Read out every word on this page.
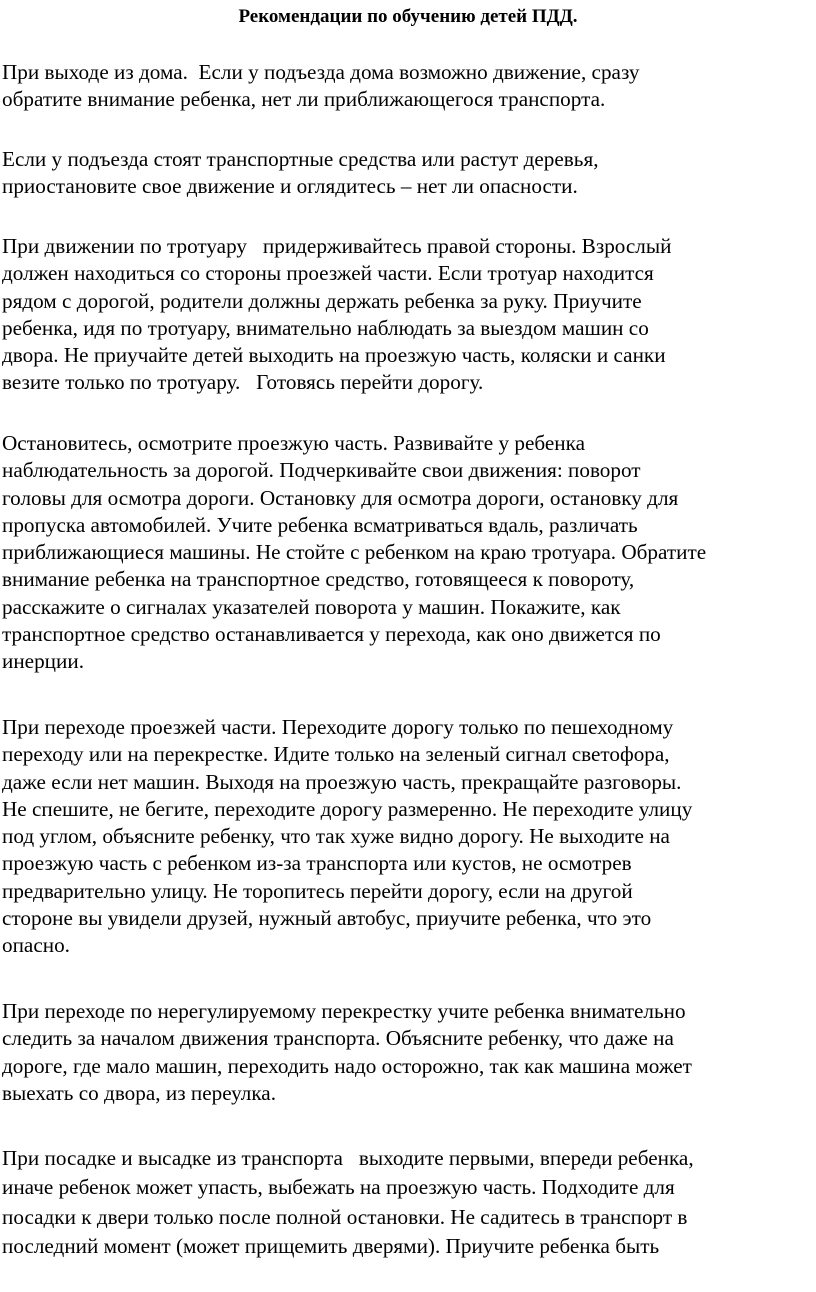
Рекомендации по обучению детей ПДД.
При выходе из дома.  Если у подъезда дома возможно движение, сразу
обратите внимание ребенка, нет ли приближающегося транспорта.
Если у подъезда стоят транспортные средства или растут деревья,
приостановите свое движение и оглядитесь – нет ли опасности.
При движении по тротуару   придерживайтесь правой стороны. Взрослый
должен находиться со стороны проезжей части. Если тротуар находится
рядом с дорогой, родители должны держать ребенка за руку. Приучите
ребенка, идя по тротуару, внимательно наблюдать за выездом машин со
двора. Не приучайте детей выходить на проезжую часть, коляски и санки
везите только по тротуару.   Готовясь перейти дорогу.
Остановитесь, осмотрите проезжую часть. Развивайте у ребенка
наблюдательность за дорогой. Подчеркивайте свои движения: поворот
головы для осмотра дороги. Остановку для осмотра дороги, остановку для
пропуска автомобилей. Учите ребенка всматриваться вдаль, различать
приближающиеся машины. Не стойте с ребенком на краю тротуара. Обратите
внимание ребенка на транспортное средство, готовящееся к повороту,
расскажите о сигналах указателей поворота у машин. Покажите, как
транспортное средство останавливается у перехода, как оно движется по
инерции.
При переходе проезжей части. Переходите дорогу только по пешеходному
переходу или на перекрестке. Идите только на зеленый сигнал светофора,
даже если нет машин. Выходя на проезжую часть, прекращайте разговоры.
Не спешите, не бегите, переходите дорогу размеренно. Не переходите улицу
под углом, объясните ребенку, что так хуже видно дорогу. Не выходите на
проезжую часть с ребенком из-за транспорта или кустов, не осмотрев
предварительно улицу. Не торопитесь перейти дорогу, если на другой
стороне вы увидели друзей, нужный автобус, приучите ребенка, что это
опасно.
При переходе по нерегулируемому перекрестку учите ребенка внимательно
следить за началом движения транспорта. Объясните ребенку, что даже на
дороге, где мало машин, переходить надо осторожно, так как машина может
выехать со двора, из переулка.
При посадке и высадке из транспорта   выходите первыми, впереди ребенка,
иначе ребенок может упасть, выбежать на проезжую часть. Подходите для
посадки к двери только после полной остановки. Не садитесь в транспорт в
последний момент (может прищемить дверями). Приучите ребенка быть
